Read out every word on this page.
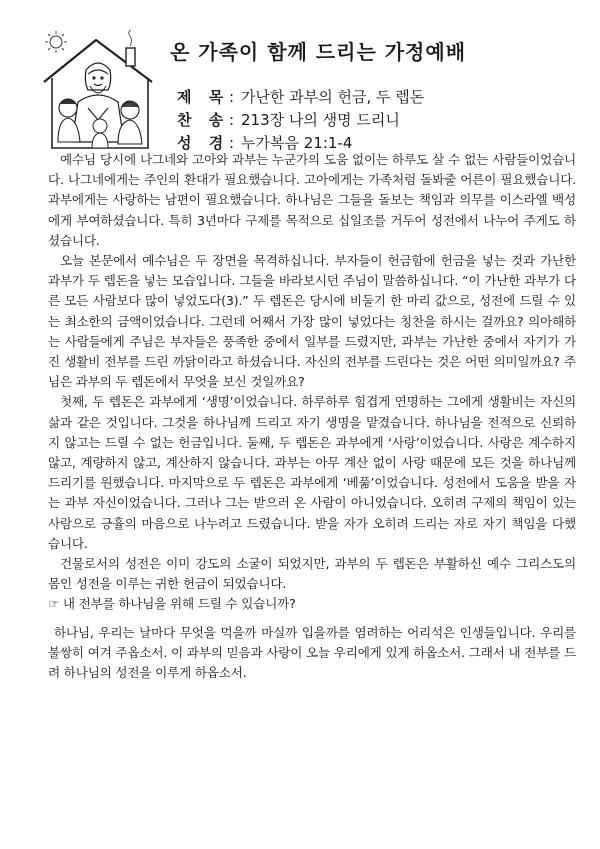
온 가족이 함께 드리는 가정예배
제 목: 가난한 과부의 헌금, 두 렙돈
찬 송: 213장 나의 생명 드리니
성 경: 누가복음 21:1-4

예수님 당시에 나그네와 고아와 과부는 누군가의 도움 없이는 하루도 살 수 없는 사람들이었습니다. 나그네에게는 주인의 환대가 필요했습니다. 고아에게는 가족처럼 돌봐줄 어른이 필요했습니다. 과부에게는 사랑하는 남편이 필요했습니다. 하나님은 그들을 돌보는 책임과 의무를 이스라엘 백성에게 부여하셨습니다. 특히 3년마다 구제를 목적으로 십일조를 거두어 성전에서 나누어 주게도 하셨습니다.

오늘 본문에서 예수님은 두 장면을 목격하십니다. 부자들이 헌금함에 헌금을 넣는 것과 가난한 과부가 두 렙돈을 넣는 모습입니다. 그들을 바라보시던 주님이 말씀하십니다. “이 가난한 과부가 다른 모든 사람보다 많이 넣었도다(3).” 두 렙돈은 당시에 비둘기 한 마리 값으로, 성전에 드릴 수 있는 최소한의 금액이었습니다. 그런데 어째서 가장 많이 넣었다는 칭찬을 하시는 걸까요? 의아해하는 사람들에게 주님은 부자들은 풍족한 중에서 일부를 드렸지만, 과부는 가난한 중에서 자기가 가진 생활비 전부를 드린 까닭이라고 하셨습니다. 자신의 전부를 드린다는 것은 어떤 의미일까요? 주님은 과부의 두 렙돈에서 무엇을 보신 것일까요?

첫째, 두 렙돈은 과부에게 ‘생명’이었습니다. 하루하루 힘겹게 연명하는 그에게 생활비는 자신의 삶과 같은 것입니다. 그것을 하나님께 드리고 자기 생명을 맡겼습니다. 하나님을 전적으로 신뢰하지 않고는 드릴 수 없는 헌금입니다. 둘째, 두 렙돈은 과부에게 ‘사랑’이었습니다. 사랑은 계수하지 않고, 계량하지 않고, 계산하지 않습니다. 과부는 아무 계산 없이 사랑 때문에 모든 것을 하나님께 드리기를 원했습니다. 마지막으로 두 렙돈은 과부에게 ‘베풂’이었습니다. 성전에서 도움을 받을 자는 과부 자신이었습니다. 그러나 그는 받으러 온 사람이 아니었습니다. 오히려 구제의 책임이 있는 사람으로 긍휼의 마음으로 나누려고 드렸습니다. 받을 자가 오히려 드리는 자로 자기 책임을 다했습니다.

건물로서의 성전은 이미 강도의 소굴이 되었지만, 과부의 두 렙돈은 부활하신 예수 그리스도의 몸인 성전을 이루는 귀한 헌금이 되었습니다.

☞ 내 전부를 하나님을 위해 드릴 수 있습니까?

하나님, 우리는 날마다 무엇을 먹을까 마실까 입을까를 염려하는 어리석은 인생들입니다. 우리를 불쌍히 여겨 주옵소서. 이 과부의 믿음과 사랑이 오늘 우리에게 있게 하옵소서. 그래서 내 전부를 드려 하나님의 성전을 이루게 하옵소서.
